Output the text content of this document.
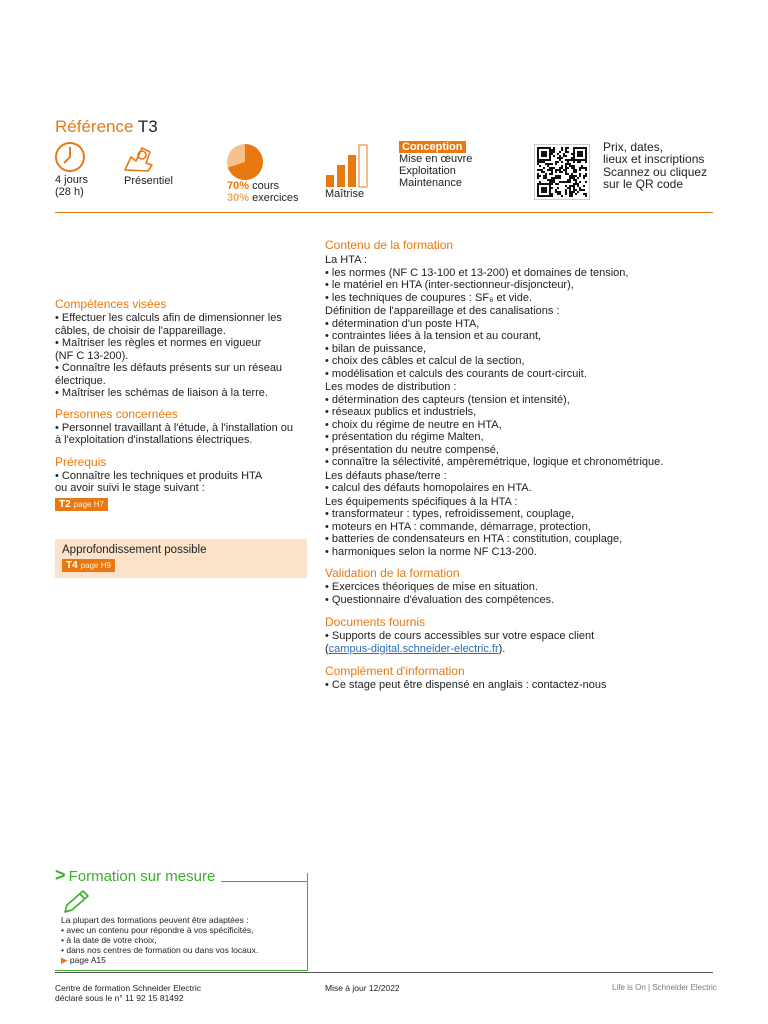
Référence T3
4 jours
(28 h)
Présentiel	70% cours
30% exercices Maîtrise
Conception
Mise en œuvre
Exploitation
Maintenance
Prix, dates,
lieux et inscriptions
Scannez ou cliquez
sur le QR code
Compétences visées
• Effectuer les calculs afin de dimensionner les
câbles, de choisir de l'appareillage.
• Maîtriser les règles et normes en vigueur
(NF C 13-200).
• Connaître les défauts présents sur un réseau
électrique.
• Maîtriser les schémas de liaison à la terre.
Personnes concernées
• Personnel travaillant à l'étude, à l'installation ou
à l'exploitation d'installations électriques.
Prérequis
• Connaître les techniques et produits HTA
ou avoir suivi le stage suivant :
T2 page H7
Approfondissement possible
T4 page H9
Contenu de la formation
La HTA :
• les normes (NF C 13-100 et 13-200) et domaines de tension,
• le matériel en HTA (inter-sectionneur-disjoncteur),
• les techniques de coupures : SF₆ et vide.
Définition de l'appareillage et des canalisations :
• détermination d'un poste HTA,
• contraintes liées à la tension et au courant,
• bilan de puissance,
• choix des câbles et calcul de la section,
• modélisation et calculs des courants de court-circuit.
Les modes de distribution :
• détermination des capteurs (tension et intensité),
• réseaux publics et industriels,
• choix du régime de neutre en HTA,
• présentation du régime Malten,
• présentation du neutre compensé,
• connaître la sélectivité, ampèremétrique, logique et chronométrique.
Les défauts phase/terre :
• calcul des défauts homopolaires en HTA.
Les équipements spécifiques à la HTA :
• transformateur : types, refroidissement, couplage,
• moteurs en HTA : commande, démarrage, protection,
• batteries de condensateurs en HTA : constitution, couplage,
• harmoniques selon la norme NF C13-200.
Validation de la formation
• Exercices théoriques de mise en situation.
• Questionnaire d'évaluation des compétences.
Documents fournis
• Supports de cours accessibles sur votre espace client
(campus-digital.schneider-electric.fr).
Complément d'information
• Ce stage peut être dispensé en anglais : contactez-nous
> Formation sur mesure
La plupart des formations peuvent être adaptées :
• avec un contenu pour répondre à vos spécificités,
• à la date de votre choix,
• dans nos centres de formation ou dans vos locaux.
▶ page A15
Centre de formation Schneider Electric
déclaré sous le n° 11 92 15 81492
Mise à jour 12/2022	Life is On | Schneider Electric
